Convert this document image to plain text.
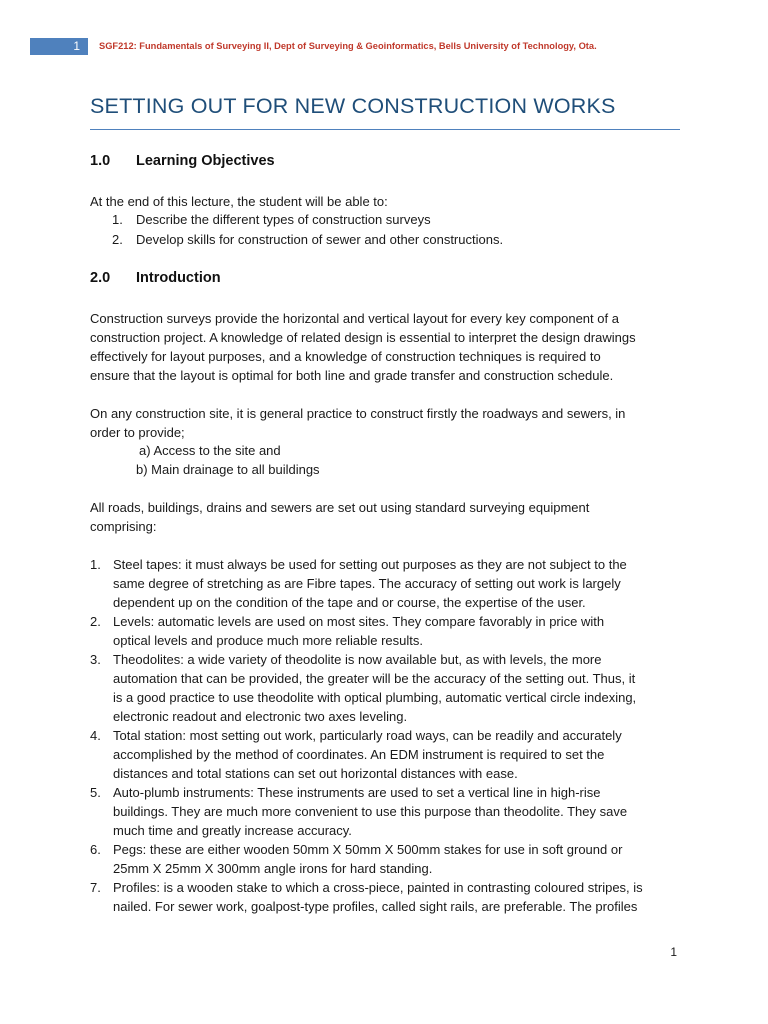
1	SGF212: Fundamentals of Surveying II, Dept of Surveying & Geoinformatics, Bells University of Technology, Ota.
SETTING OUT FOR NEW CONSTRUCTION WORKS
1.0 Learning Objectives

At the end of this lecture, the student will be able to:

1. Describe the different types of construction surveys
2. Develop skills for construction of sewer and other constructions.
2.0 Introduction

Construction surveys provide the horizontal and vertical layout for every key component of a

construction project. A knowledge of related design is essential to interpret the design drawings

effectively for layout purposes, and a knowledge of construction techniques is required to

ensure that the layout is optimal for both line and grade transfer and construction schedule.

On any construction site, it is general practice to construct firstly the roadways and sewers, in

order to provide;

a) Access to the site and
b) Main drainage to all buildings

All roads, buildings, drains and sewers are set out using standard surveying equipment

comprising:

1. Steel tapes: it must always be used for setting out purposes as they are not subject to the

same degree of stretching as are Fibre tapes. The accuracy of setting out work is largely

dependent up on the condition of the tape and or course, the expertise of the user.

2. Levels: automatic levels are used on most sites. They compare favorably in price with

optical levels and produce much more reliable results.

3. Theodolites: a wide variety of theodolite is now available but, as with levels, the more

automation that can be provided, the greater will be the accuracy of the setting out. Thus, it

is a good practice to use theodolite with optical plumbing, automatic vertical circle indexing,

electronic readout and electronic two axes leveling.

4. Total station: most setting out work, particularly road ways, can be readily and accurately

accomplished by the method of coordinates. An EDM instrument is required to set the

distances and total stations can set out horizontal distances with ease.

5. Auto-plumb instruments: These instruments are used to set a vertical line in high-rise

buildings. They are much more convenient to use this purpose than theodolite. They save

much time and greatly increase accuracy.

6. Pegs: these are either wooden 50mm X 50mm X 500mm stakes for use in soft ground or

25mm X 25mm X 300mm angle irons for hard standing.

7. Profiles: is a wooden stake to which a cross-piece, painted in contrasting coloured stripes, is

nailed. For sewer work, goalpost-type profiles, called sight rails, are preferable. The profiles

1
